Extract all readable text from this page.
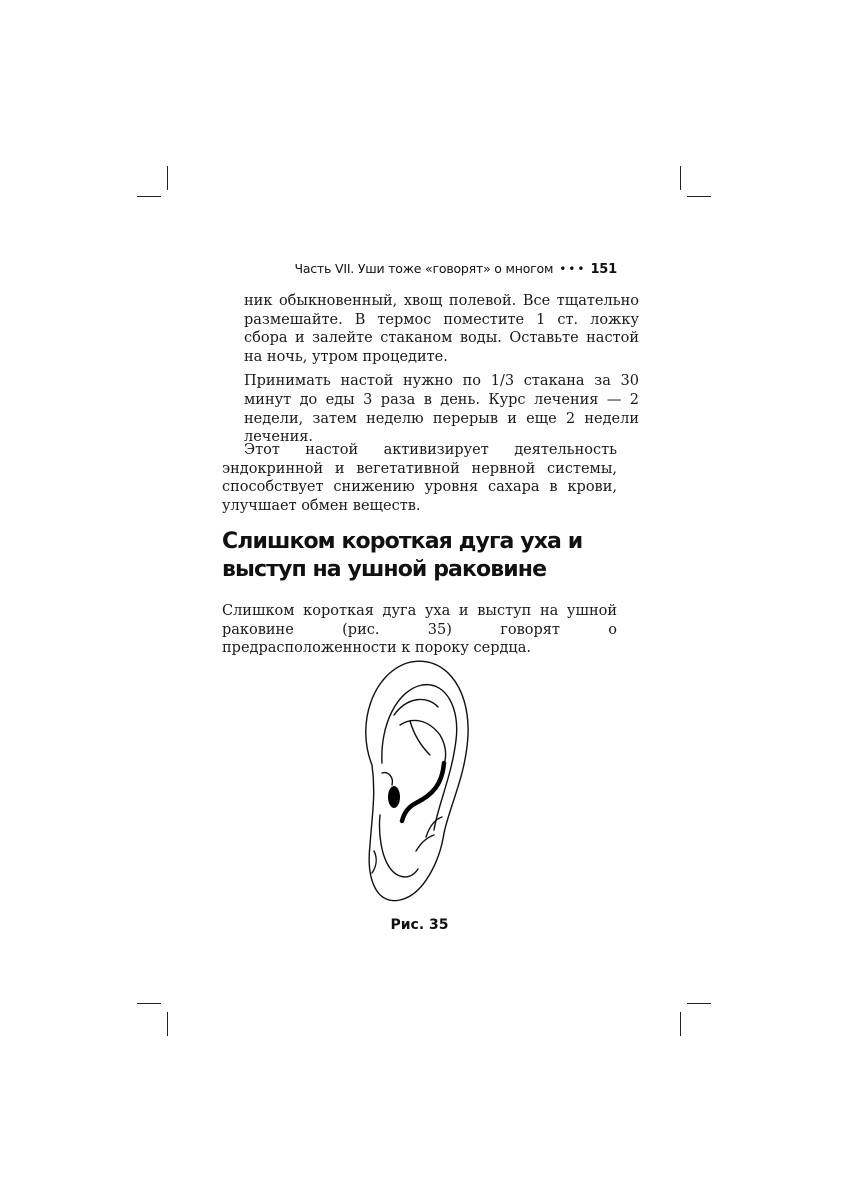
Часть VII. Уши тоже «говорят» о многом ••• 151

ник обыкновенный, хвощ полевой. Все тщательно размешайте. В термос поместите 1 ст. ложку сбора и залейте стаканом воды. Оставьте настой на ночь, утром процедите.

Принимать настой нужно по 1/3 стакана за 30 минут до еды 3 раза в день. Курс лечения — 2 недели, затем неделю перерыв и еще 2 недели лечения.

Этот настой активизирует деятельность эндокринной и вегетативной нервной системы, способствует снижению уровня сахара в крови, улучшает обмен веществ.

Слишком короткая дуга уха и выступ на ушной раковине

Слишком короткая дуга уха и выступ на ушной раковине (рис. 35) говорят о предрасположенности к пороку сердца.

Рис. 35
